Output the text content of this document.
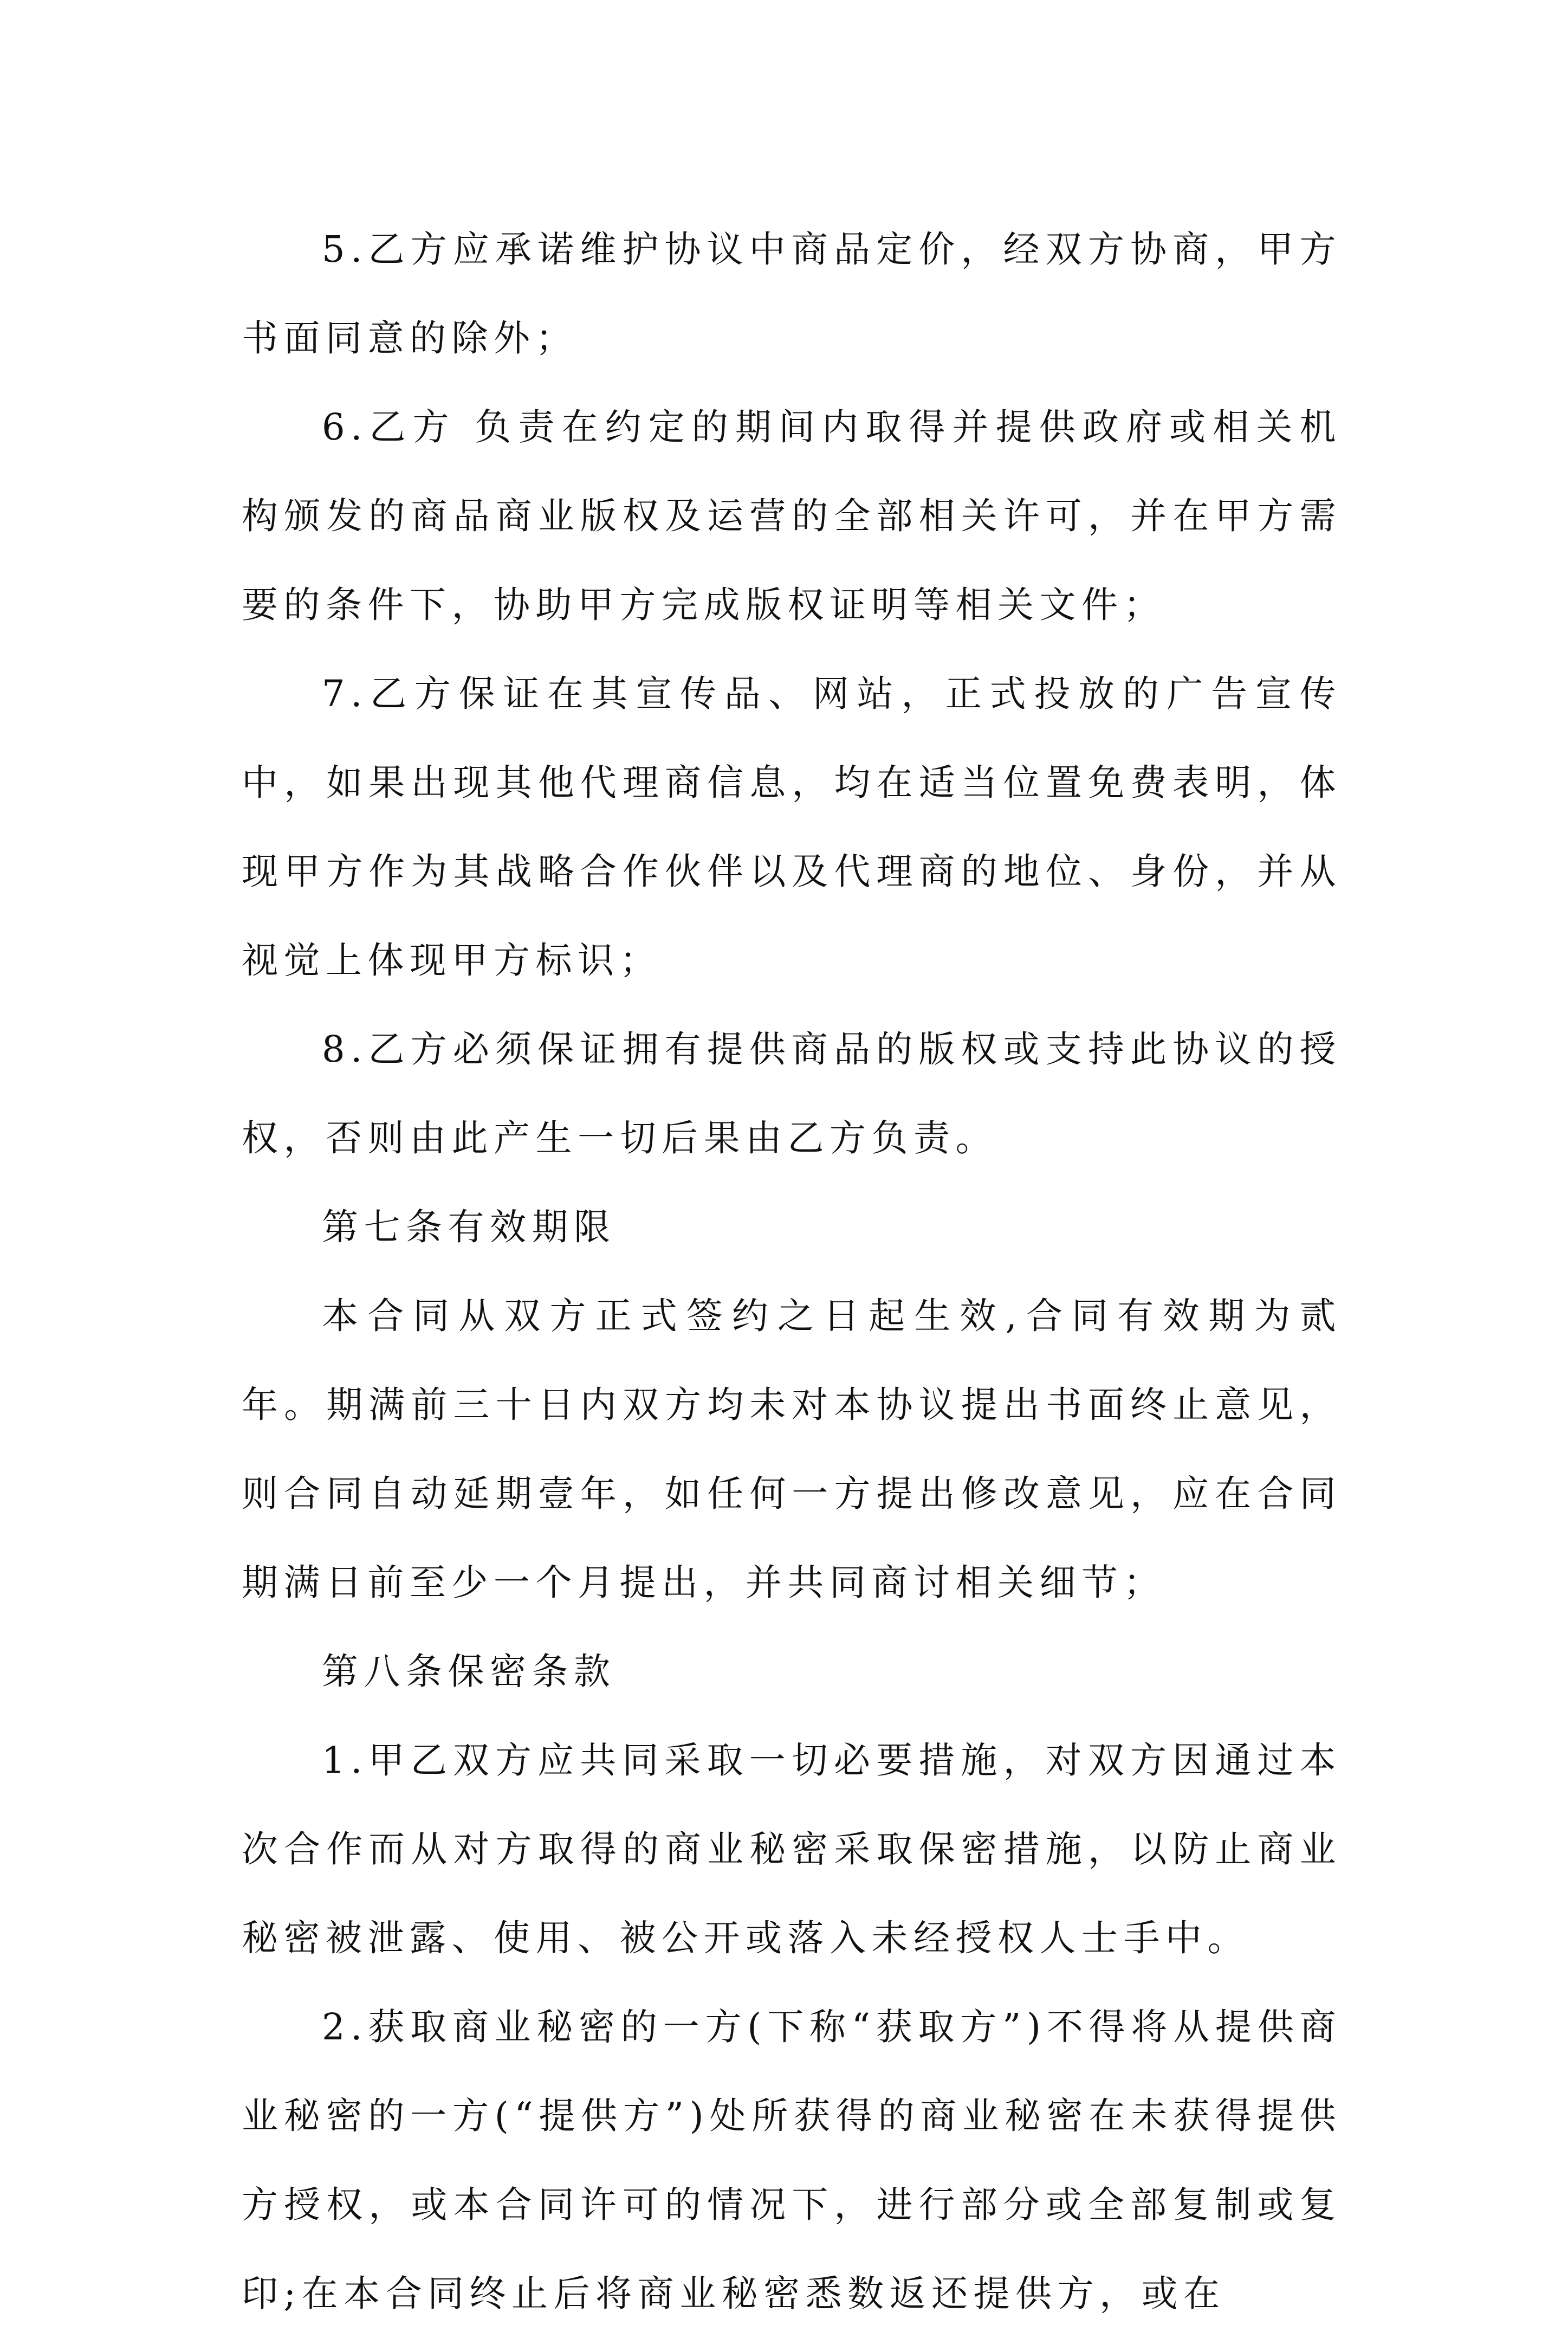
5.乙方应承诺维护协议中商品定价，经双方协商，甲方书面同意的除外；

6.乙方 负责在约定的期间内取得并提供政府或相关机构颁发的商品商业版权及运营的全部相关许可，并在甲方需要的条件下，协助甲方完成版权证明等相关文件；

7.乙方保证在其宣传品、网站，正式投放的广告宣传中，如果出现其他代理商信息，均在适当位置免费表明，体现甲方作为其战略合作伙伴以及代理商的地位、身份，并从视觉上体现甲方标识；

8.乙方必须保证拥有提供商品的版权或支持此协议的授权，否则由此产生一切后果由乙方负责。

第七条有效期限

本合同从双方正式签约之日起生效,合同有效期为贰年。期满前三十日内双方均未对本协议提出书面终止意见，则合同自动延期壹年，如任何一方提出修改意见，应在合同期满日前至少一个月提出，并共同商讨相关细节；

第八条保密条款

1.甲乙双方应共同采取一切必要措施，对双方因通过本次合作而从对方取得的商业秘密采取保密措施，以防止商业秘密被泄露、使用、被公开或落入未经授权人士手中。

2.获取商业秘密的一方(下称“获取方”)不得将从提供商业秘密的一方(“提供方”)处所获得的商业秘密在未获得提供方授权，或本合同许可的情况下，进行部分或全部复制或复印;在本合同终止后将商业秘密悉数返还提供方，或在
